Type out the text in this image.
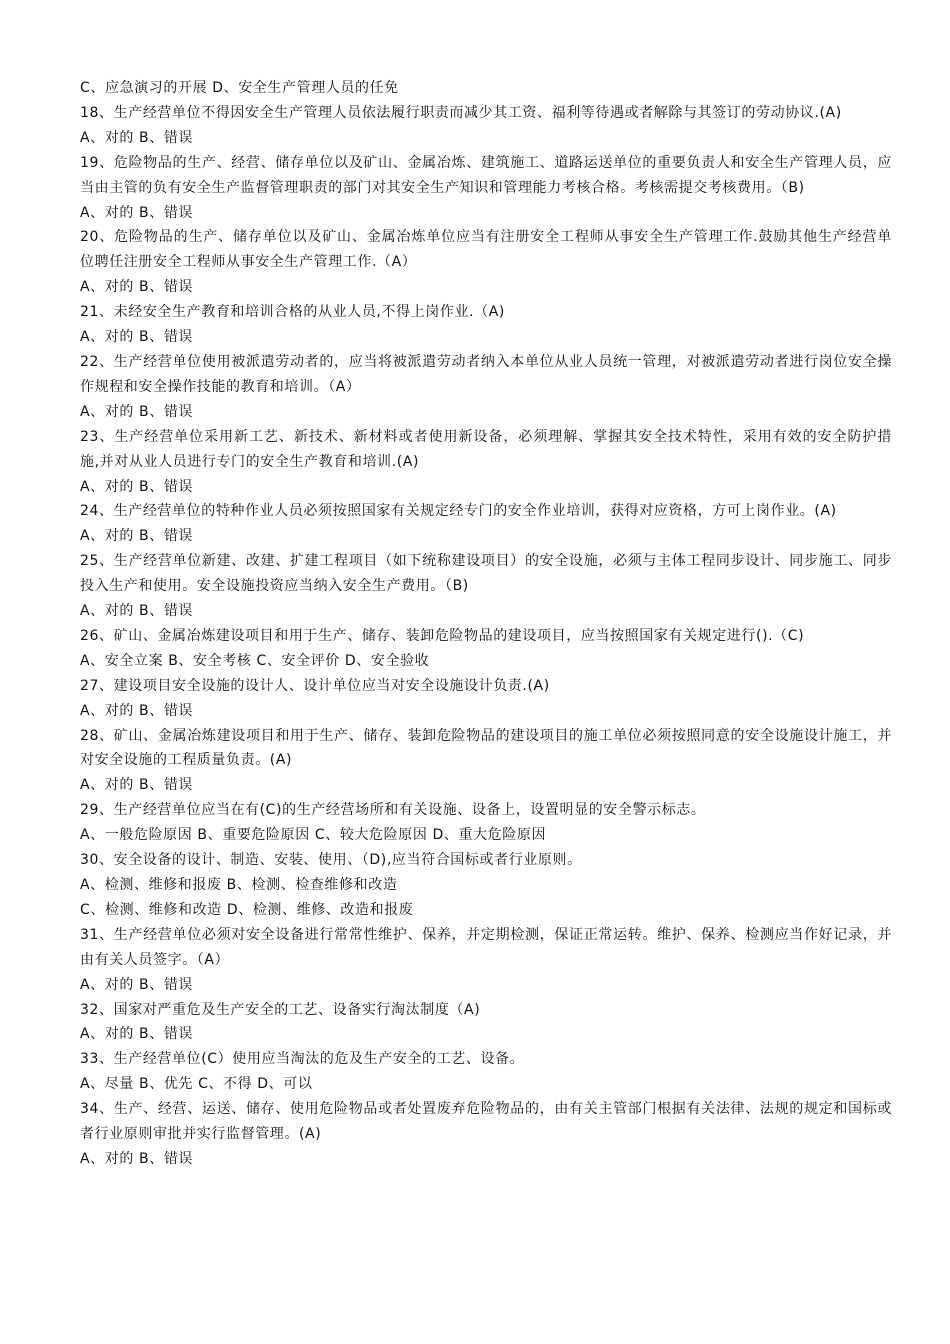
C、应急演习的开展 D、安全生产管理人员的任免

18、生产经营单位不得因安全生产管理人员依法履行职责而减少其工资、福利等待遇或者解除与其签订的劳动协议.(A)

A、对的 B、错误

19、危险物品的生产、经营、储存单位以及矿山、金属冶炼、建筑施工、道路运送单位的重要负责人和安全生产管理人员，应当由主管的负有安全生产监督管理职责的部门对其安全生产知识和管理能力考核合格。考核需提交考核费用。（B)

A、对的 B、错误

20、危险物品的生产、储存单位以及矿山、金属冶炼单位应当有注册安全工程师从事安全生产管理工作.鼓励其他生产经营单位聘任注册安全工程师从事安全生产管理工作.（A）

A、对的 B、错误

21、未经安全生产教育和培训合格的从业人员,不得上岗作业.（A)

A、对的 B、错误

22、生产经营单位使用被派遣劳动者的，应当将被派遣劳动者纳入本单位从业人员统一管理，对被派遣劳动者进行岗位安全操作规程和安全操作技能的教育和培训。（A）

A、对的 B、错误

23、生产经营单位采用新工艺、新技术、新材料或者使用新设备，必须理解、掌握其安全技术特性，采用有效的安全防护措施,并对从业人员进行专门的安全生产教育和培训.(A)

A、对的 B、错误

24、生产经营单位的特种作业人员必须按照国家有关规定经专门的安全作业培训，获得对应资格，方可上岗作业。(A)

A、对的 B、错误

25、生产经营单位新建、改建、扩建工程项目（如下统称建设项目）的安全设施，必须与主体工程同步设计、同步施工、同步投入生产和使用。安全设施投资应当纳入安全生产费用。（B)

A、对的 B、错误

26、矿山、金属冶炼建设项目和用于生产、储存、装卸危险物品的建设项目，应当按照国家有关规定进行().（C)

A、安全立案 B、安全考核 C、安全评价 D、安全验收

27、建设项目安全设施的设计人、设计单位应当对安全设施设计负责.(A)

A、对的 B、错误

28、矿山、金属冶炼建设项目和用于生产、储存、装卸危险物品的建设项目的施工单位必须按照同意的安全设施设计施工，并对安全设施的工程质量负责。(A)

A、对的 B、错误

29、生产经营单位应当在有(C)的生产经营场所和有关设施、设备上，设置明显的安全警示标志。

A、一般危险原因 B、重要危险原因 C、较大危险原因 D、重大危险原因

30、安全设备的设计、制造、安装、使用、（D),应当符合国标或者行业原则。

A、检测、维修和报废 B、检测、检查维修和改造

C、检测、维修和改造 D、检测、维修、改造和报废

31、生产经营单位必须对安全设备进行常常性维护、保养，并定期检测，保证正常运转。维护、保养、检测应当作好记录，并由有关人员签字。（A）

A、对的 B、错误

32、国家对严重危及生产安全的工艺、设备实行淘汰制度（A)

A、对的 B、错误

33、生产经营单位(C）使用应当淘汰的危及生产安全的工艺、设备。

A、尽量 B、优先 C、不得 D、可以

34、生产、经营、运送、储存、使用危险物品或者处置废弃危险物品的，由有关主管部门根据有关法律、法规的规定和国标或者行业原则审批并实行监督管理。(A)

A、对的 B、错误
